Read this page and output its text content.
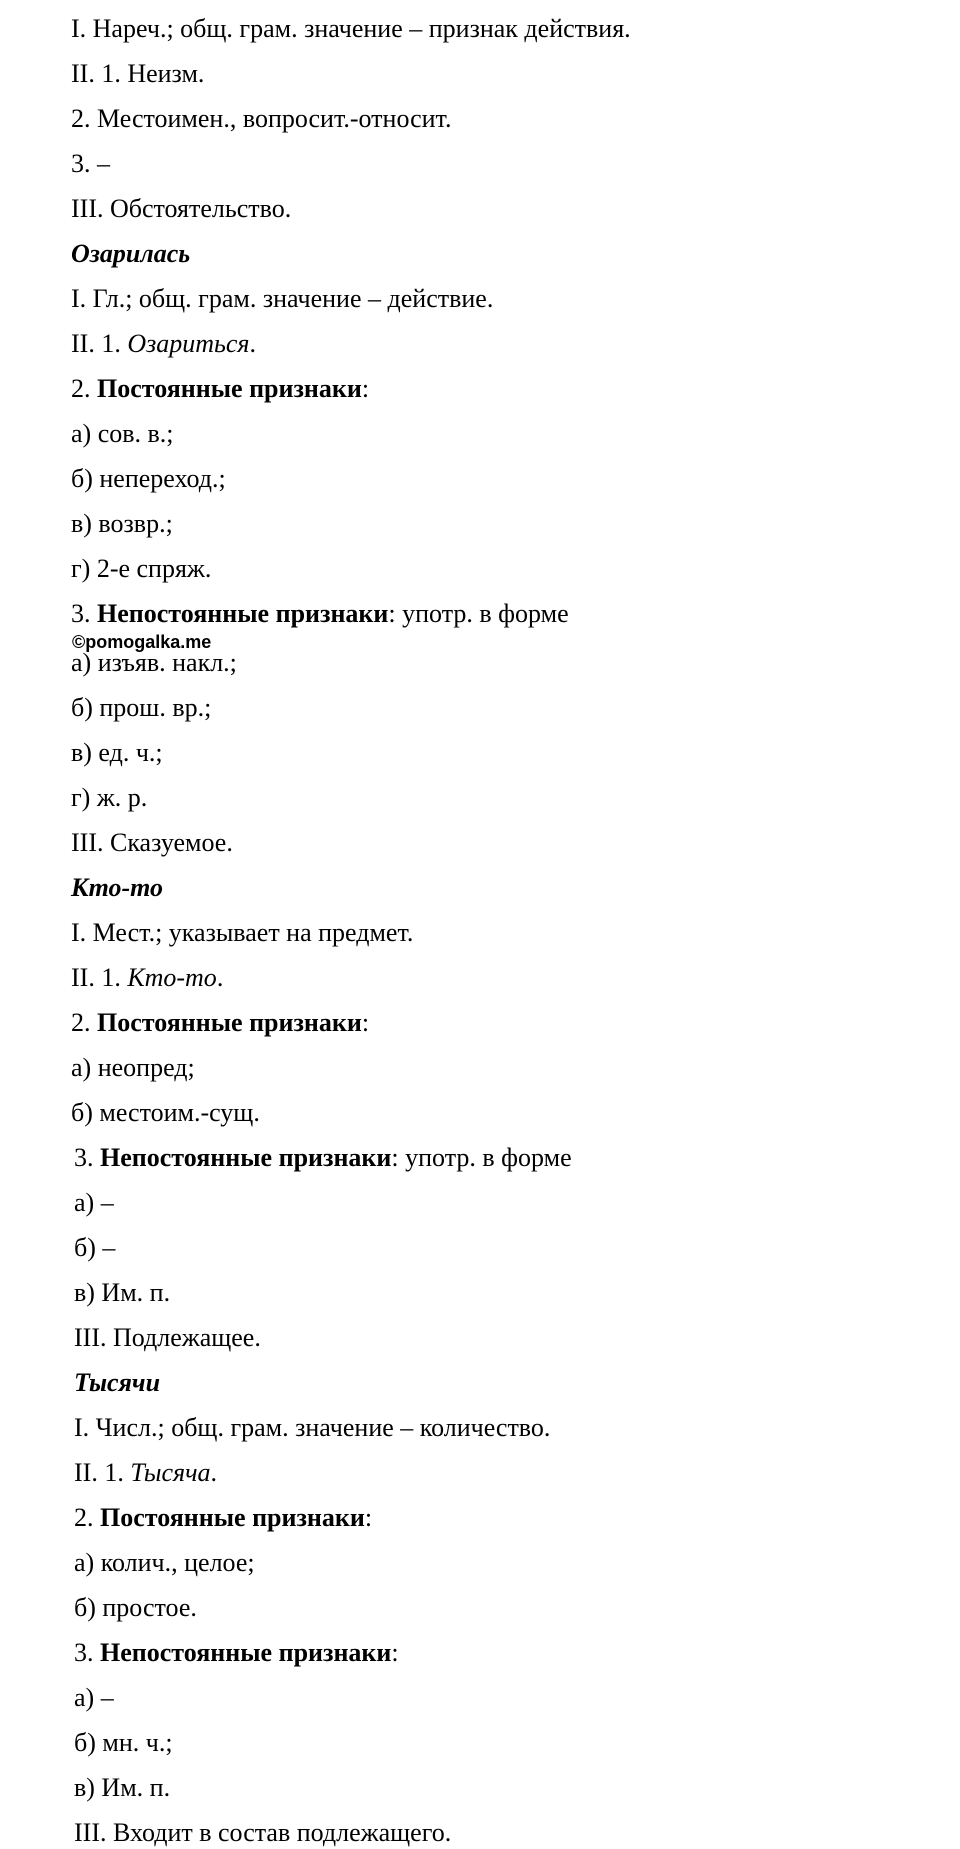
I. Нареч.; общ. грам. значение – признак действия.
II. 1. Неизм.
2. Местоимен., вопросит.-относит.
3. –
III. Обстоятельство.
Озарилась
I. Гл.; общ. грам. значение – действие.
II. 1. Озариться.
2. Постоянные признаки:
а) сов. в.;
б) непереход.;
в) возвр.;
г) 2-е спряж.
3. Непостоянные признаки: употр. в форме
©pomogalka.me
а) изъяв. накл.;
б) прош. вр.;
в) ед. ч.;
г) ж. р.
III. Сказуемое.
Кто-то
I. Мест.; указывает на предмет.
II. 1. Кто-то.
2. Постоянные признаки:
а) неопред;
б) местоим.-сущ.
3. Непостоянные признаки: употр. в форме
а) –
б) –
в) Им. п.
III. Подлежащее.
Тысячи
I. Числ.; общ. грам. значение – количество.
II. 1. Тысяча.
2. Постоянные признаки:
а) колич., целое;
б) простое.
3. Непостоянные признаки:
а) –
б) мн. ч.;
в) Им. п.
III. Входит в состав подлежащего.
